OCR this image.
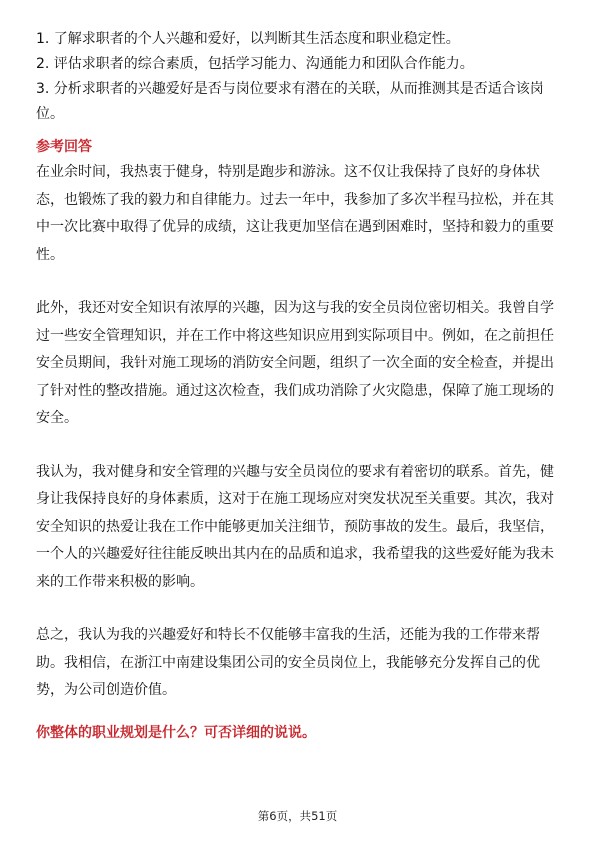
1. 了解求职者的个人兴趣和爱好，以判断其生活态度和职业稳定性。
2. 评估求职者的综合素质，包括学习能力、沟通能力和团队合作能力。
3. 分析求职者的兴趣爱好是否与岗位要求有潜在的关联，从而推测其是否适合该岗位。

参考回答

在业余时间，我热衷于健身，特别是跑步和游泳。这不仅让我保持了良好的身体状态，也锻炼了我的毅力和自律能力。过去一年中，我参加了多次半程马拉松，并在其中一次比赛中取得了优异的成绩，这让我更加坚信在遇到困难时，坚持和毅力的重要性。

此外，我还对安全知识有浓厚的兴趣，因为这与我的安全员岗位密切相关。我曾自学过一些安全管理知识，并在工作中将这些知识应用到实际项目中。例如，在之前担任安全员期间，我针对施工现场的消防安全问题，组织了一次全面的安全检查，并提出了针对性的整改措施。通过这次检查，我们成功消除了火灾隐患，保障了施工现场的安全。

我认为，我对健身和安全管理的兴趣与安全员岗位的要求有着密切的联系。首先，健身让我保持良好的身体素质，这对于在施工现场应对突发状况至关重要。其次，我对安全知识的热爱让我在工作中能够更加关注细节，预防事故的发生。最后，我坚信，一个人的兴趣爱好往往能反映出其内在的品质和追求，我希望我的这些爱好能为我未来的工作带来积极的影响。

总之，我认为我的兴趣爱好和特长不仅能够丰富我的生活，还能为我的工作带来帮助。我相信，在浙江中南建设集团公司的安全员岗位上，我能够充分发挥自己的优势，为公司创造价值。

你整体的职业规划是什么？可否详细的说说。

第6页，共51页
